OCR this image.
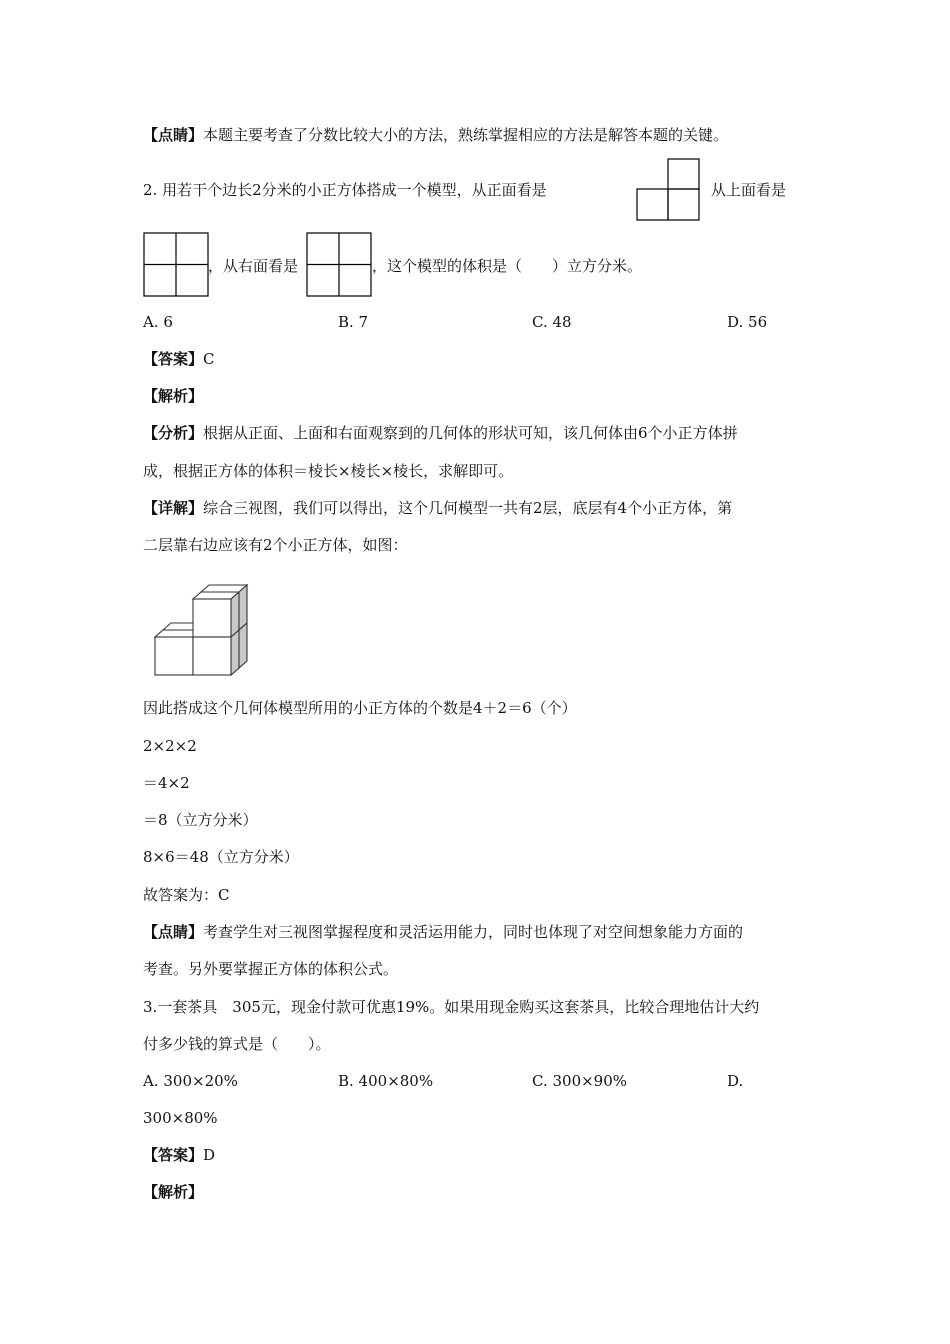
【点睛】本题主要考查了分数比较大小的方法，熟练掌握相应的方法是解答本题的关键。
2. 用若干个边长2分米的小正方体搭成一个模型，从正面看是	从上面看是
，从右面看是	，这个模型的体积是（　　）立方分米。
A. 6	B. 7	C. 48	D. 56
【答案】C
【解析】
【分析】根据从正面、上面和右面观察到的几何体的形状可知，该几何体由6个小正方体拼
成，根据正方体的体积＝棱长×棱长×棱长，求解即可。
【详解】综合三视图，我们可以得出，这个几何模型一共有2层，底层有4个小正方体，第
二层靠右边应该有2个小正方体，如图：
因此搭成这个几何体模型所用的小正方体的个数是4＋2＝6（个）
2×2×2
＝4×2
＝8（立方分米）
8×6＝48（立方分米）
故答案为：C
【点睛】考查学生对三视图掌握程度和灵活运用能力，同时也体现了对空间想象能力方面的
考查。另外要掌握正方体的体积公式。
3.一套茶具　305元，现金付款可优惠19%。如果用现金购买这套茶具，比较合理地估计大约
付多少钱的算式是（　　）。
A. 300×20%	B. 400×80%	C. 300×90%	D.
300×80%
【答案】D
【解析】
